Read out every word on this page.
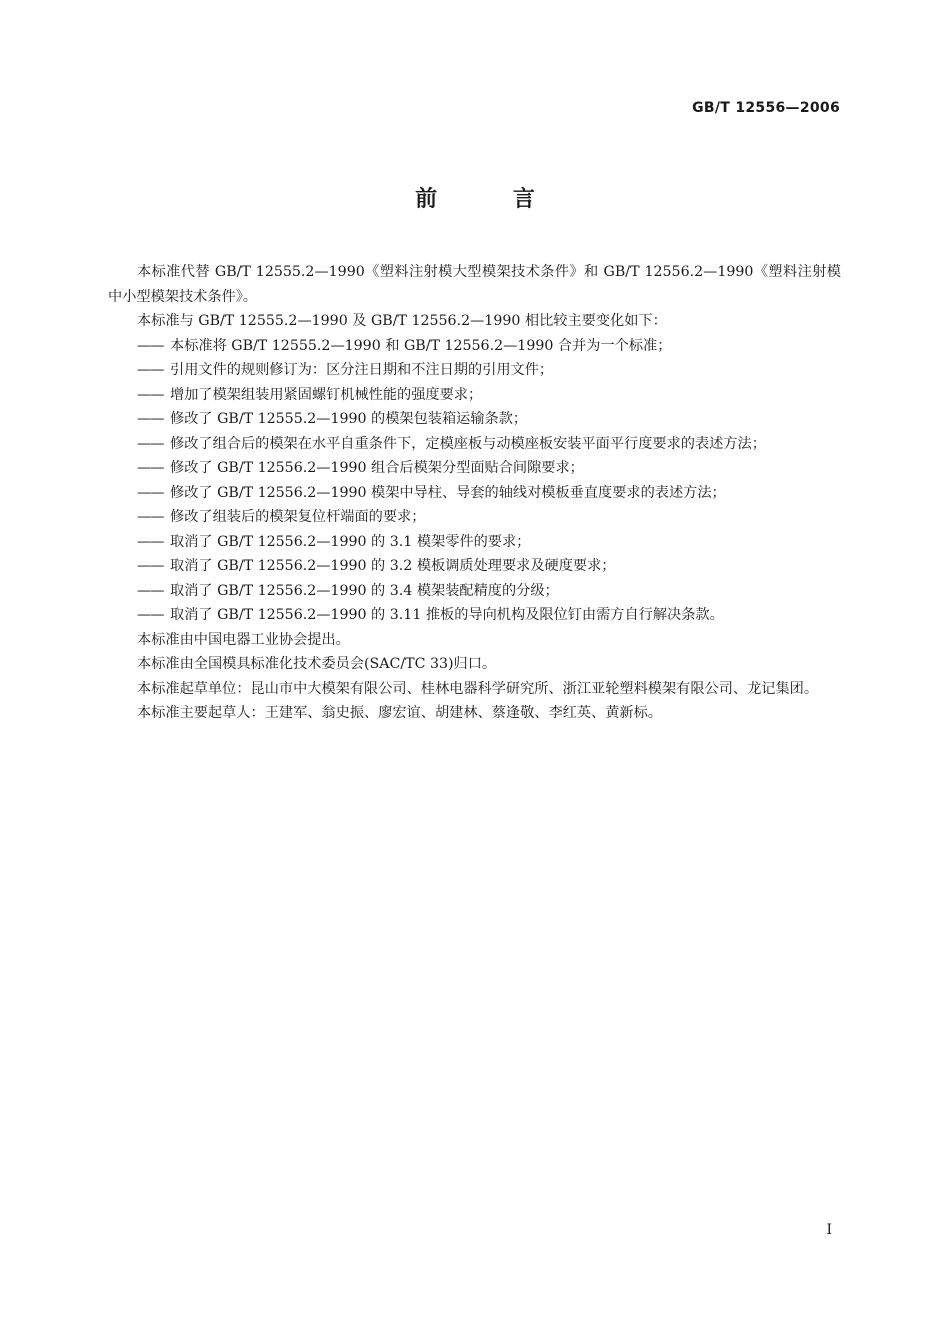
GB/T 12556—2006
前 言

本标准代替 GB/T 12555.2—1990《塑料注射模大型模架技术条件》和 GB/T 12556.2—1990《塑料注射模中小型模架技术条件》。

本标准与 GB/T 12555.2—1990 及 GB/T 12556.2—1990 相比较主要变化如下：

—— 本标准将 GB/T 12555.2—1990 和 GB/T 12556.2—1990 合并为一个标准；

—— 引用文件的规则修订为：区分注日期和不注日期的引用文件；

—— 增加了模架组装用紧固螺钉机械性能的强度要求；

—— 修改了 GB/T 12555.2—1990 的模架包装箱运输条款；

—— 修改了组合后的模架在水平自重条件下，定模座板与动模座板安装平面平行度要求的表述方法；

—— 修改了 GB/T 12556.2—1990 组合后模架分型面贴合间隙要求；

—— 修改了 GB/T 12556.2—1990 模架中导柱、导套的轴线对模板垂直度要求的表述方法；

—— 修改了组装后的模架复位杆端面的要求；

—— 取消了 GB/T 12556.2—1990 的 3.1 模架零件的要求；

—— 取消了 GB/T 12556.2—1990 的 3.2 模板调质处理要求及硬度要求；

—— 取消了 GB/T 12556.2—1990 的 3.4 模架装配精度的分级；

—— 取消了 GB/T 12556.2—1990 的 3.11 推板的导向机构及限位钉由需方自行解决条款。

本标准由中国电器工业协会提出。

本标准由全国模具标准化技术委员会(SAC/TC 33)归口。

本标准起草单位：昆山市中大模架有限公司、桂林电器科学研究所、浙江亚轮塑料模架有限公司、龙记集团。

本标准主要起草人：王建军、翁史振、廖宏谊、胡建林、蔡逢敬、李红英、黄新标。

I
